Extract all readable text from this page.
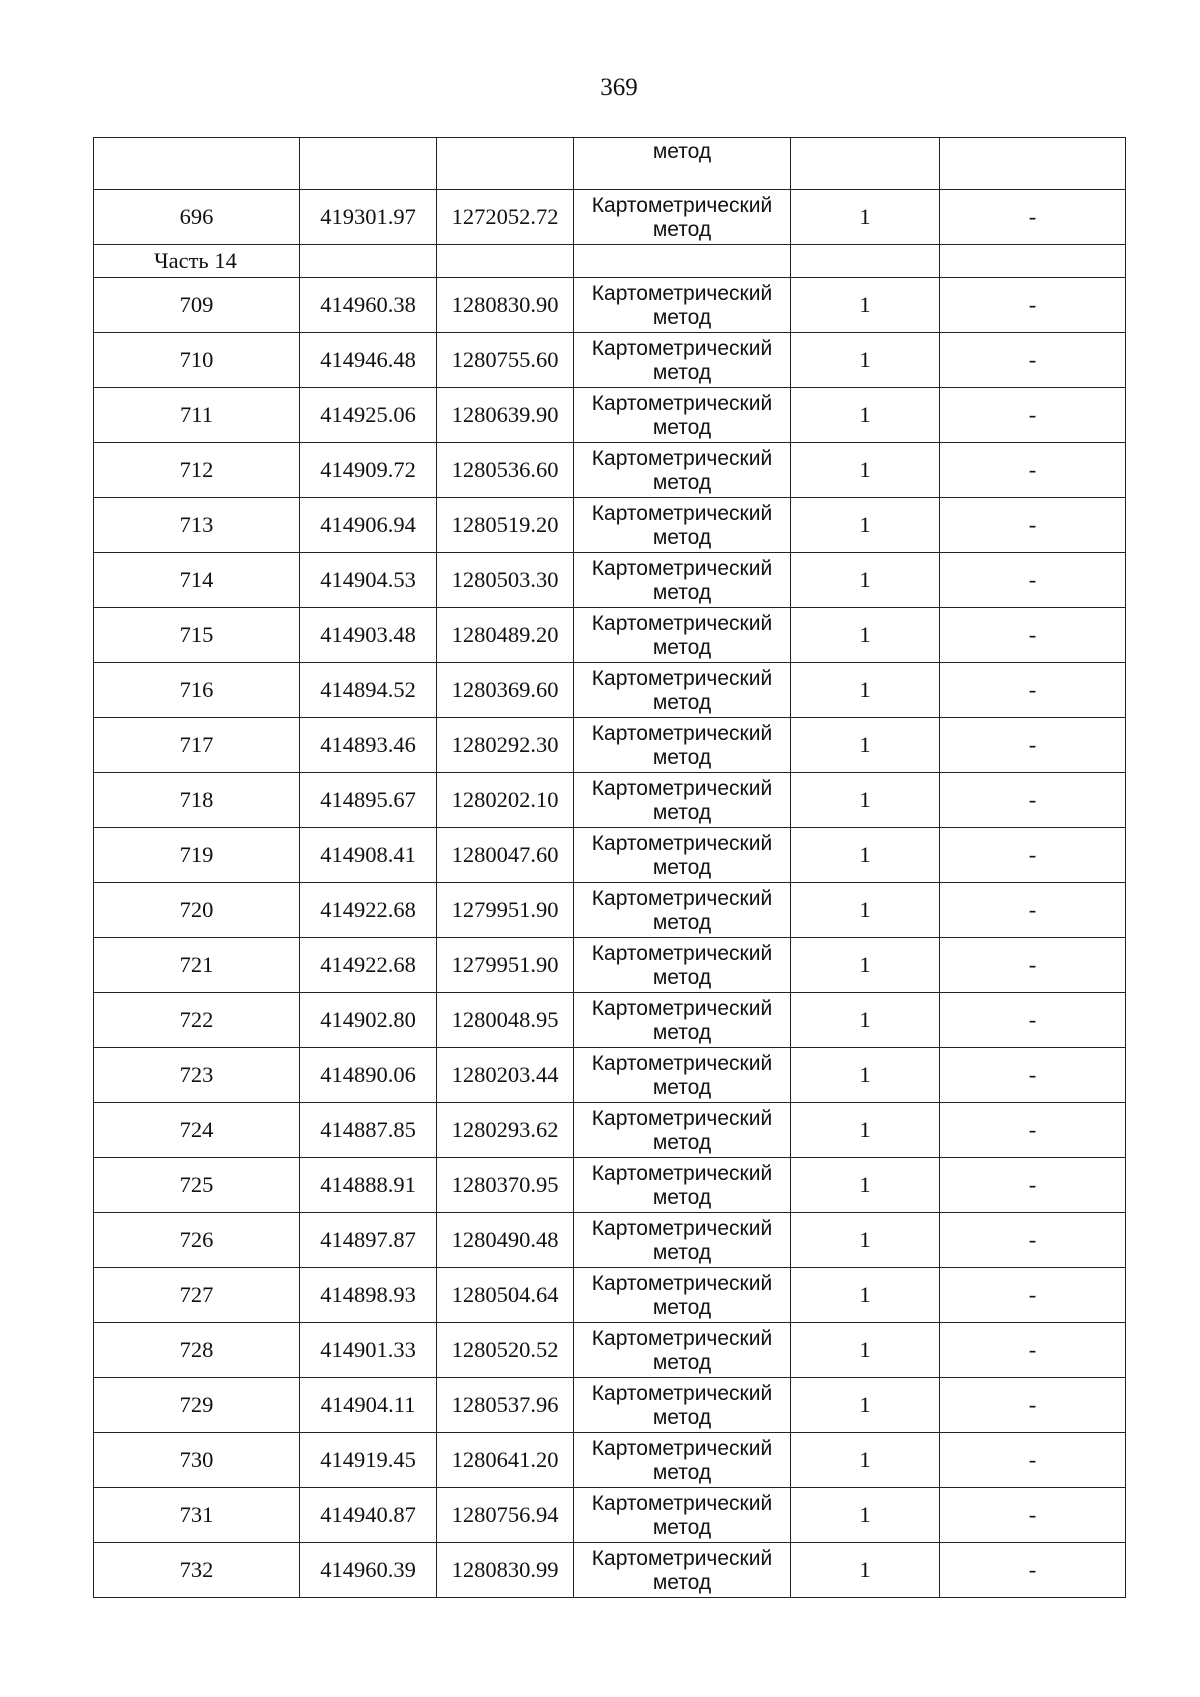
369
			метод		
696	419301.97	1272052.72	Картометрический метод	1	-
Часть 14					
709	414960.38	1280830.90	Картометрический метод	1	-
710	414946.48	1280755.60	Картометрический метод	1	-
711	414925.06	1280639.90	Картометрический метод	1	-
712	414909.72	1280536.60	Картометрический метод	1	-
713	414906.94	1280519.20	Картометрический метод	1	-
714	414904.53	1280503.30	Картометрический метод	1	-
715	414903.48	1280489.20	Картометрический метод	1	-
716	414894.52	1280369.60	Картометрический метод	1	-
717	414893.46	1280292.30	Картометрический метод	1	-
718	414895.67	1280202.10	Картометрический метод	1	-
719	414908.41	1280047.60	Картометрический метод	1	-
720	414922.68	1279951.90	Картометрический метод	1	-
721	414922.68	1279951.90	Картометрический метод	1	-
722	414902.80	1280048.95	Картометрический метод	1	-
723	414890.06	1280203.44	Картометрический метод	1	-
724	414887.85	1280293.62	Картометрический метод	1	-
725	414888.91	1280370.95	Картометрический метод	1	-
726	414897.87	1280490.48	Картометрический метод	1	-
727	414898.93	1280504.64	Картометрический метод	1	-
728	414901.33	1280520.52	Картометрический метод	1	-
729	414904.11	1280537.96	Картометрический метод	1	-
730	414919.45	1280641.20	Картометрический метод	1	-
731	414940.87	1280756.94	Картометрический метод	1	-
732	414960.39	1280830.99	Картометрический метод	1	-
